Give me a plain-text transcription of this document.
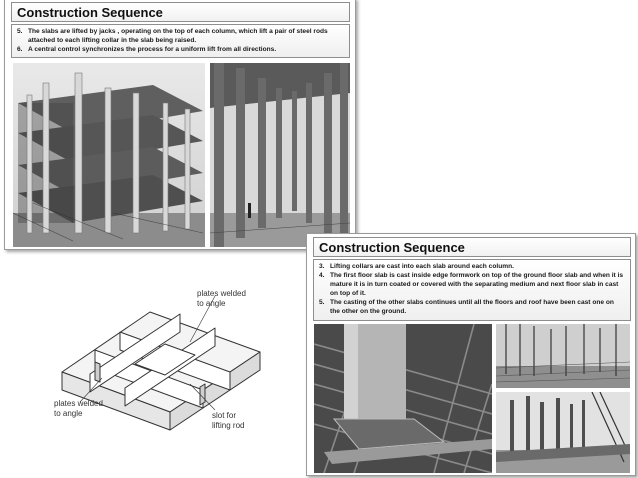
Construction Sequence
5. The slabs are lifted by jacks , operating on the top of each column, which lift a pair of steel rods attached to each lifting collar in the slab being raised.
6. A central control synchronizes the process for a uniform lift from all directions.
plates welded
to angle
plates welded
to angle	slot for
lifting rod
Construction Sequence
3. Lifting collars are cast into each slab around each column.
4. The first floor slab is cast inside edge formwork on top of the ground floor slab and when it is mature it is in turn coated or covered with the separating medium and next floor slab in cast on top of it.
5. The casting of the other slabs continues until all the floors and roof have been cast one on the other on the ground.
